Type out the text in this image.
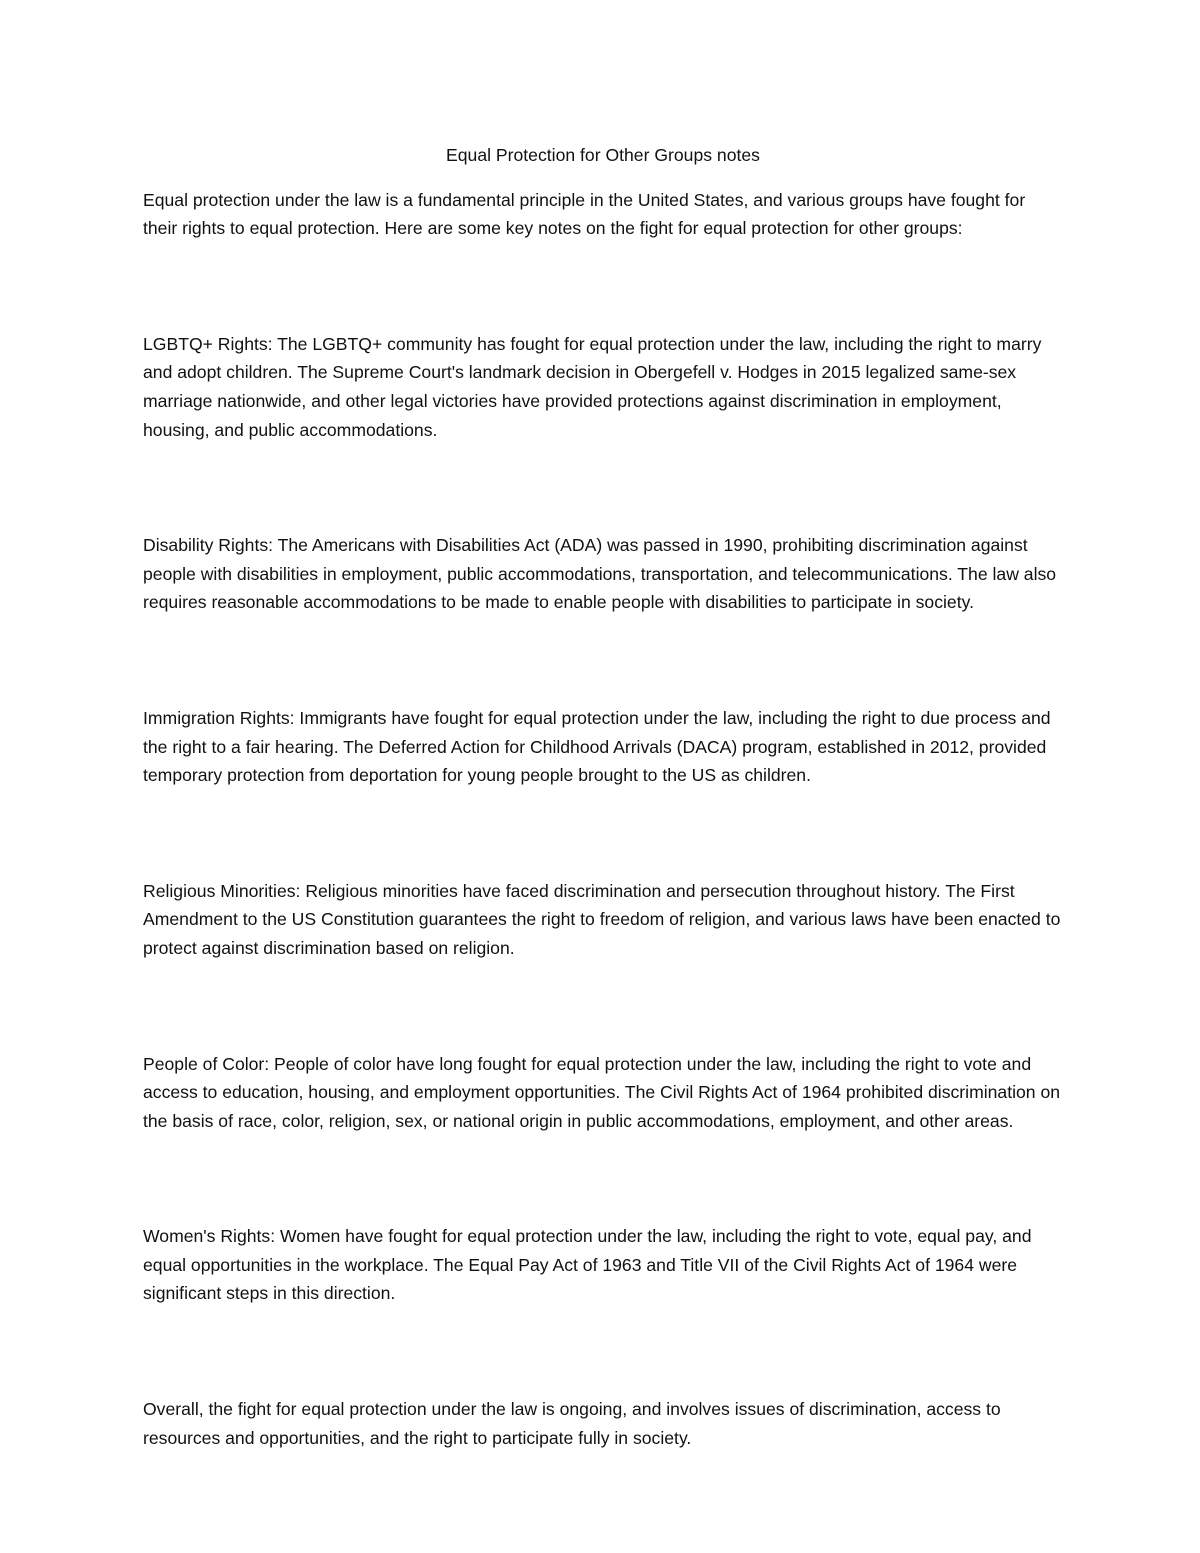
Equal Protection for Other Groups notes

Equal protection under the law is a fundamental principle in the United States, and various groups have fought for their rights to equal protection. Here are some key notes on the fight for equal protection for other groups:

LGBTQ+ Rights: The LGBTQ+ community has fought for equal protection under the law, including the right to marry and adopt children. The Supreme Court's landmark decision in Obergefell v. Hodges in 2015 legalized same-sex marriage nationwide, and other legal victories have provided protections against discrimination in employment, housing, and public accommodations.

Disability Rights: The Americans with Disabilities Act (ADA) was passed in 1990, prohibiting discrimination against people with disabilities in employment, public accommodations, transportation, and telecommunications. The law also requires reasonable accommodations to be made to enable people with disabilities to participate in society.

Immigration Rights: Immigrants have fought for equal protection under the law, including the right to due process and the right to a fair hearing. The Deferred Action for Childhood Arrivals (DACA) program, established in 2012, provided temporary protection from deportation for young people brought to the US as children.

Religious Minorities: Religious minorities have faced discrimination and persecution throughout history. The First Amendment to the US Constitution guarantees the right to freedom of religion, and various laws have been enacted to protect against discrimination based on religion.

People of Color: People of color have long fought for equal protection under the law, including the right to vote and access to education, housing, and employment opportunities. The Civil Rights Act of 1964 prohibited discrimination on the basis of race, color, religion, sex, or national origin in public accommodations, employment, and other areas.

Women's Rights: Women have fought for equal protection under the law, including the right to vote, equal pay, and equal opportunities in the workplace. The Equal Pay Act of 1963 and Title VII of the Civil Rights Act of 1964 were significant steps in this direction.

Overall, the fight for equal protection under the law is ongoing, and involves issues of discrimination, access to resources and opportunities, and the right to participate fully in society.
